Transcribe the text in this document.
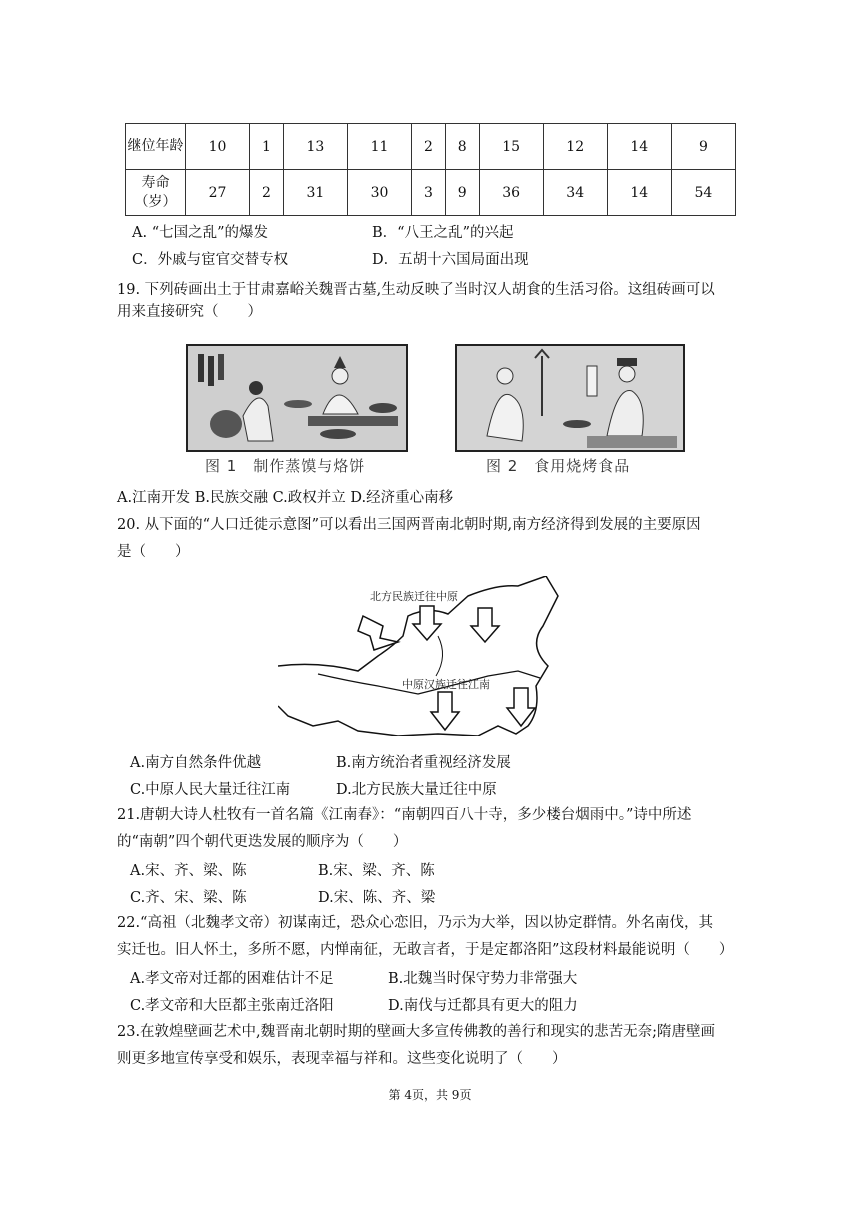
继位年龄	10	1	13	11	2	8	15	12	14	9
寿命（岁）	27	2	31	30	3	9	36	34	14	54
A. “七国之乱”的爆发	B．“八王之乱”的兴起
C．外戚与宦官交替专权	D．五胡十六国局面出现
19. 下列砖画出土于甘肃嘉峪关魏晋古墓,生动反映了当时汉人胡食的生活习俗。这组砖画可以
用来直接研究（　　）
图 1　制作蒸馍与烙饼	图 2　食用烧烤食品
A.江南开发 B.民族交融 C.政权并立 D.经济重心南移
20. 从下面的“人口迁徙示意图”可以看出三国两晋南北朝时期,南方经济得到发展的主要原因
是（　　）
北方民族迁往中原
中原汉族迁往江南
A.南方自然条件优越	B.南方统治者重视经济发展
C.中原人民大量迁往江南	D.北方民族大量迁往中原
21.唐朝大诗人杜牧有一首名篇《江南春》：“南朝四百八十寺，多少楼台烟雨中。”诗中所述
的“南朝”四个朝代更迭发展的顺序为（　　）
A.宋、齐、梁、陈	B.宋、梁、齐、陈
C.齐、宋、梁、陈	D.宋、陈、齐、梁
22.“高祖（北魏孝文帝）初谋南迁，恐众心恋旧，乃示为大举，因以协定群情。外名南伐，其
实迁也。旧人怀土，多所不愿，内惮南征，无敢言者，于是定都洛阳”这段材料最能说明（　　）
A.孝文帝对迁都的困难估计不足	B.北魏当时保守势力非常强大
C.孝文帝和大臣都主张南迁洛阳	D.南伐与迁都具有更大的阻力
23.在敦煌壁画艺术中,魏晋南北朝时期的壁画大多宣传佛教的善行和现实的悲苦无奈;隋唐壁画
则更多地宣传享受和娱乐，表现幸福与祥和。这些变化说明了（　　）
第 4页，共 9页
